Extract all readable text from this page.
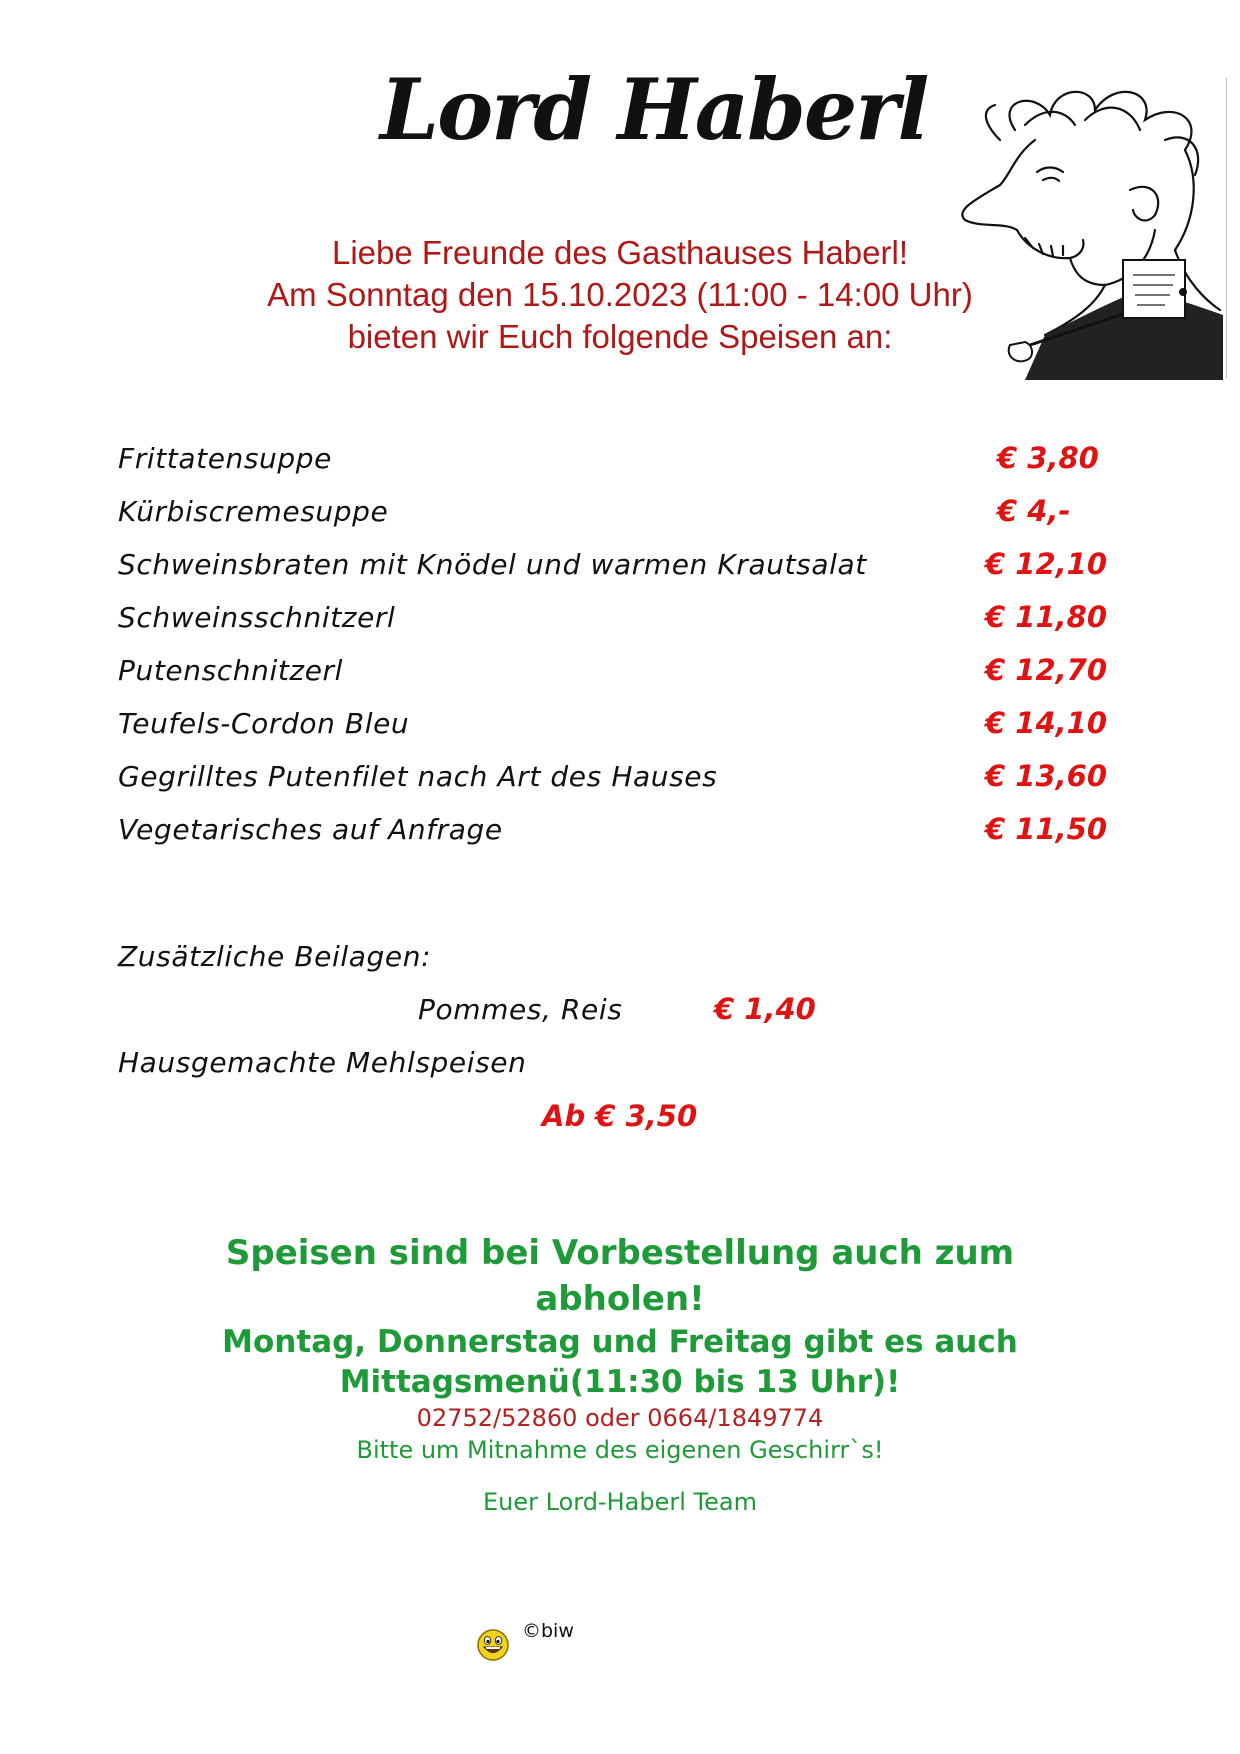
Lord Haberl
Liebe Freunde des Gasthauses Haberl!
Am Sonntag den 15.10.2023 (11:00 - 14:00 Uhr)
bieten wir Euch folgende Speisen an:
Frittatensuppe	€ 3,80
Kürbiscremesuppe	€ 4,-
Schweinsbraten mit Knödel und warmen Krautsalat	€ 12,10
Schweinsschnitzerl	€ 11,80
Putenschnitzerl	€ 12,70
Teufels-Cordon Bleu	€ 14,10
Gegrilltes Putenfilet nach Art des Hauses	€ 13,60
Vegetarisches auf Anfrage	€ 11,50
Zusätzliche Beilagen:
Pommes, Reis	€ 1,40
Hausgemachte Mehlspeisen
Ab € 3,50
Speisen sind bei Vorbestellung auch zum
abholen!
Montag, Donnerstag und Freitag gibt es auch
Mittagsmenü(11:30 bis 13 Uhr)!
02752/52860 oder 0664/1849774
Bitte um Mitnahme des eigenen Geschirr`s!
Euer Lord-Haberl Team
©biw
